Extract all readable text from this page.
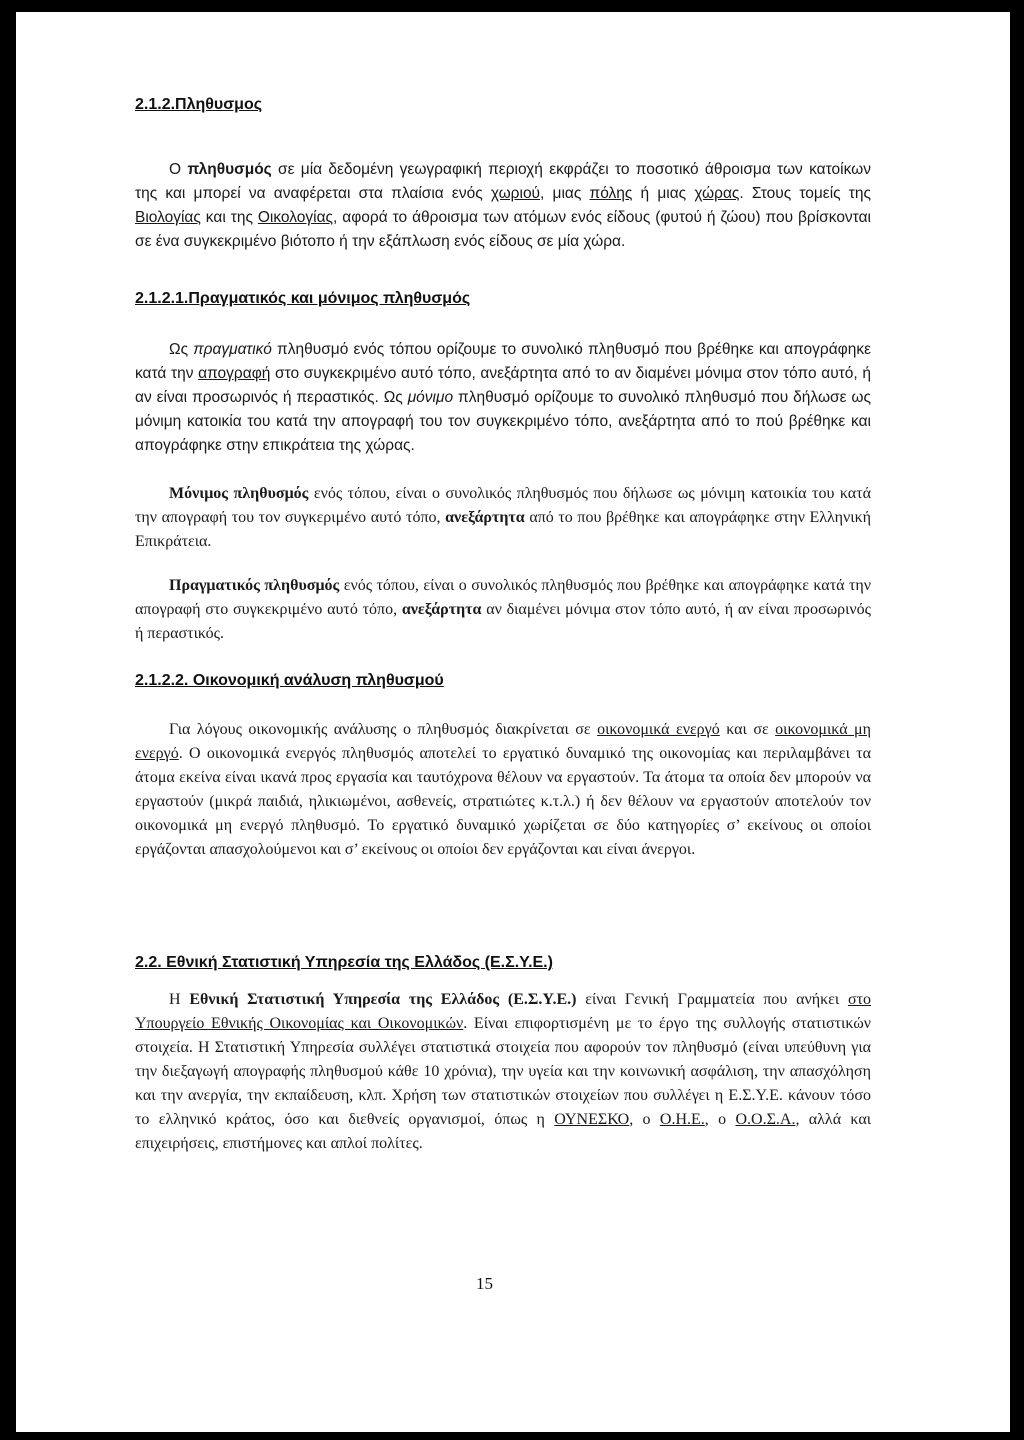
2.1.2.Πληθυσμος

Ο πληθυσμός σε μία δεδομένη γεωγραφική περιοχή εκφράζει το ποσοτικό άθροισμα των κατοίκων της και μπορεί να αναφέρεται στα πλαίσια ενός χωριού, μιας πόλης ή μιας χώρας. Στους τομείς της Βιολογίας και της Οικολογίας, αφορά το άθροισμα των ατόμων ενός είδους (φυτού ή ζώου) που βρίσκονται σε ένα συγκεκριμένο βιότοπο ή την εξάπλωση ενός είδους σε μία χώρα.

2.1.2.1.Πραγματικός και μόνιμος πληθυσμός

Ως πραγματικό πληθυσμό ενός τόπου ορίζουμε το συνολικό πληθυσμό που βρέθηκε και απογράφηκε κατά την απογραφή στο συγκεκριμένο αυτό τόπο, ανεξάρτητα από το αν διαμένει μόνιμα στον τόπο αυτό, ή αν είναι προσωρινός ή περαστικός. Ως μόνιμο πληθυσμό ορίζουμε το συνολικό πληθυσμό που δήλωσε ως μόνιμη κατοικία του κατά την απογραφή του τον συγκεκριμένο τόπο, ανεξάρτητα από το πού βρέθηκε και απογράφηκε στην επικράτεια της χώρας.

Μόνιμος πληθυσμός ενός τόπου, είναι ο συνολικός πληθυσμός που δήλωσε ως μόνιμη κατοικία του κατά την απογραφή του τον συγκεριμένο αυτό τόπο, ανεξάρτητα από το που βρέθηκε και απογράφηκε στην Ελληνική Επικράτεια.

Πραγματικός πληθυσμός ενός τόπου, είναι ο συνολικός πληθυσμός που βρέθηκε και απογράφηκε κατά την απογραφή στο συγκεκριμένο αυτό τόπο, ανεξάρτητα αν διαμένει μόνιμα στον τόπο αυτό, ή αν είναι προσωρινός ή περαστικός.

2.1.2.2. Οικονομική ανάλυση πληθυσμού

Για λόγους οικονομικής ανάλυσης ο πληθυσμός διακρίνεται σε οικονομικά ενεργό και σε οικονομικά μη ενεργό. Ο οικονομικά ενεργός πληθυσμός αποτελεί το εργατικό δυναμικό της οικονομίας και περιλαμβάνει τα άτομα εκείνα είναι ικανά προς εργασία και ταυτόχρονα θέλουν να εργαστούν. Τα άτομα τα οποία δεν μπορούν να εργαστούν (μικρά παιδιά, ηλικιωμένοι, ασθενείς, στρατιώτες κ.τ.λ.) ή δεν θέλουν να εργαστούν αποτελούν τον οικονομικά μη ενεργό πληθυσμό. Το εργατικό δυναμικό χωρίζεται σε δύο κατηγορίες σ’ εκείνους οι οποίοι εργάζονται απασχολούμενοι και σ’ εκείνους οι οποίοι δεν εργάζονται και είναι άνεργοι.

2.2. Εθνική Στατιστική Υπηρεσία της Ελλάδος (Ε.Σ.Υ.Ε.)

Η Εθνική Στατιστική Υπηρεσία της Ελλάδος (Ε.Σ.Υ.Ε.) είναι Γενική Γραμματεία που ανήκει στο Υπουργείο Εθνικής Οικονομίας και Οικονομικών. Είναι επιφορτισμένη με το έργο της συλλογής στατιστικών στοιχεία. Η Στατιστική Υπηρεσία συλλέγει στατιστικά στοιχεία που αφορούν τον πληθυσμό (είναι υπεύθυνη για την διεξαγωγή απογραφής πληθυσμού κάθε 10 χρόνια), την υγεία και την κοινωνική ασφάλιση, την απασχόληση και την ανεργία, την εκπαίδευση, κλπ. Χρήση των στατιστικών στοιχείων που συλλέγει η Ε.Σ.Υ.Ε. κάνουν τόσο το ελληνικό κράτος, όσο και διεθνείς οργανισμοί, όπως η ΟΥΝΕΣΚΟ, ο Ο.Η.Ε., ο Ο.Ο.Σ.Α., αλλά και επιχειρήσεις, επιστήμονες και απλοί πολίτες.

15
